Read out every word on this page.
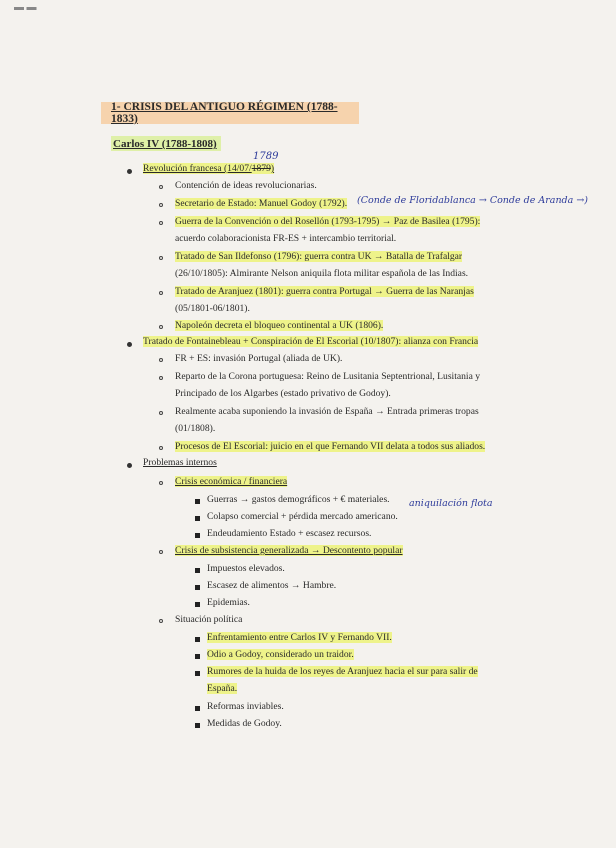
▬ ▬
1- CRISIS DEL ANTIGUO RÉGIMEN (1788-1833)
Carlos IV (1788-1808)
Revolución francesa (14/07/1879)
1789
Contención de ideas revolucionarias.
Secretario de Estado: Manuel Godoy (1792). (Conde de Floridablanca → Conde de Aranda →)
Guerra de la Convención o del Rosellón (1793-1795) → Paz de Basilea (1795):
acuerdo colaboracionista FR-ES + intercambio territorial.
Tratado de San Ildefonso (1796): guerra contra UK → Batalla de Trafalgar
(26/10/1805): Almirante Nelson aniquila flota militar española de las Indias.
Tratado de Aranjuez (1801): guerra contra Portugal → Guerra de las Naranjas
(05/1801-06/1801).
Napoleón decreta el bloqueo continental a UK (1806).
Tratado de Fontainebleau + Conspiración de El Escorial (10/1807): alianza con Francia
FR + ES: invasión Portugal (aliada de UK).
Reparto de la Corona portuguesa: Reino de Lusitania Septentrional, Lusitania y
Principado de los Algarbes (estado privativo de Godoy).
Realmente acaba suponiendo la invasión de España → Entrada primeras tropas
(01/1808).
Procesos de El Escorial: juicio en el que Fernando VII delata a todos sus aliados.
Problemas internos
Crisis económica / financiera
Guerras → gastos demográficos + € materiales.
Colapso comercial + pérdida mercado americano.
aniquilación flota
Endeudamiento Estado + escasez recursos.
Crisis de subsistencia generalizada → Descontento popular
Impuestos elevados.
Escasez de alimentos → Hambre.
Epidemias.
Situación política
Enfrentamiento entre Carlos IV y Fernando VII.
Odio a Godoy, considerado un traidor.
Rumores de la huida de los reyes de Aranjuez hacia el sur para salir de
España.
Reformas inviables.
Medidas de Godoy.
